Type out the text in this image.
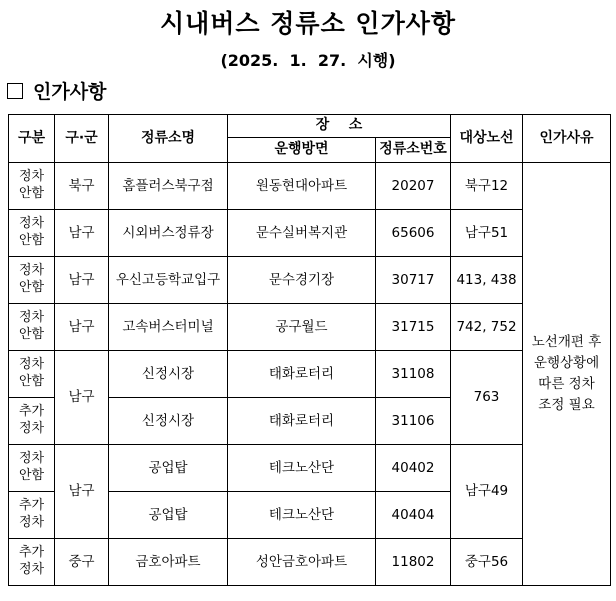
시내버스 정류소 인가사항
(2025.  1.  27.  시행)
인가사항
구분	구·군	정류소명	장    소		대상노선	인가사유
			운행방면	정류소번호		
정차
안함	북구	홈플러스북구점	원동현대아파트	20207	북구12	노선개편 후
운행상황에
따른 정차
조정 필요
정차
안함	남구	시외버스정류장	문수실버복지관	65606	남구51	
정차
안함	남구	우신고등학교입구	문수경기장	30717	413, 438	
정차
안함	남구	고속버스터미널	공구월드	31715	742, 752	
정차
안함	남구	신정시장	태화로터리	31108	763	
추가
정차		신정시장	태화로터리	31106		
정차
안함	남구	공업탑	테크노산단	40402	남구49	
추가
정차		공업탑	테크노산단	40404		
추가
정차	중구	금호아파트	성안금호아파트	11802	중구56	
